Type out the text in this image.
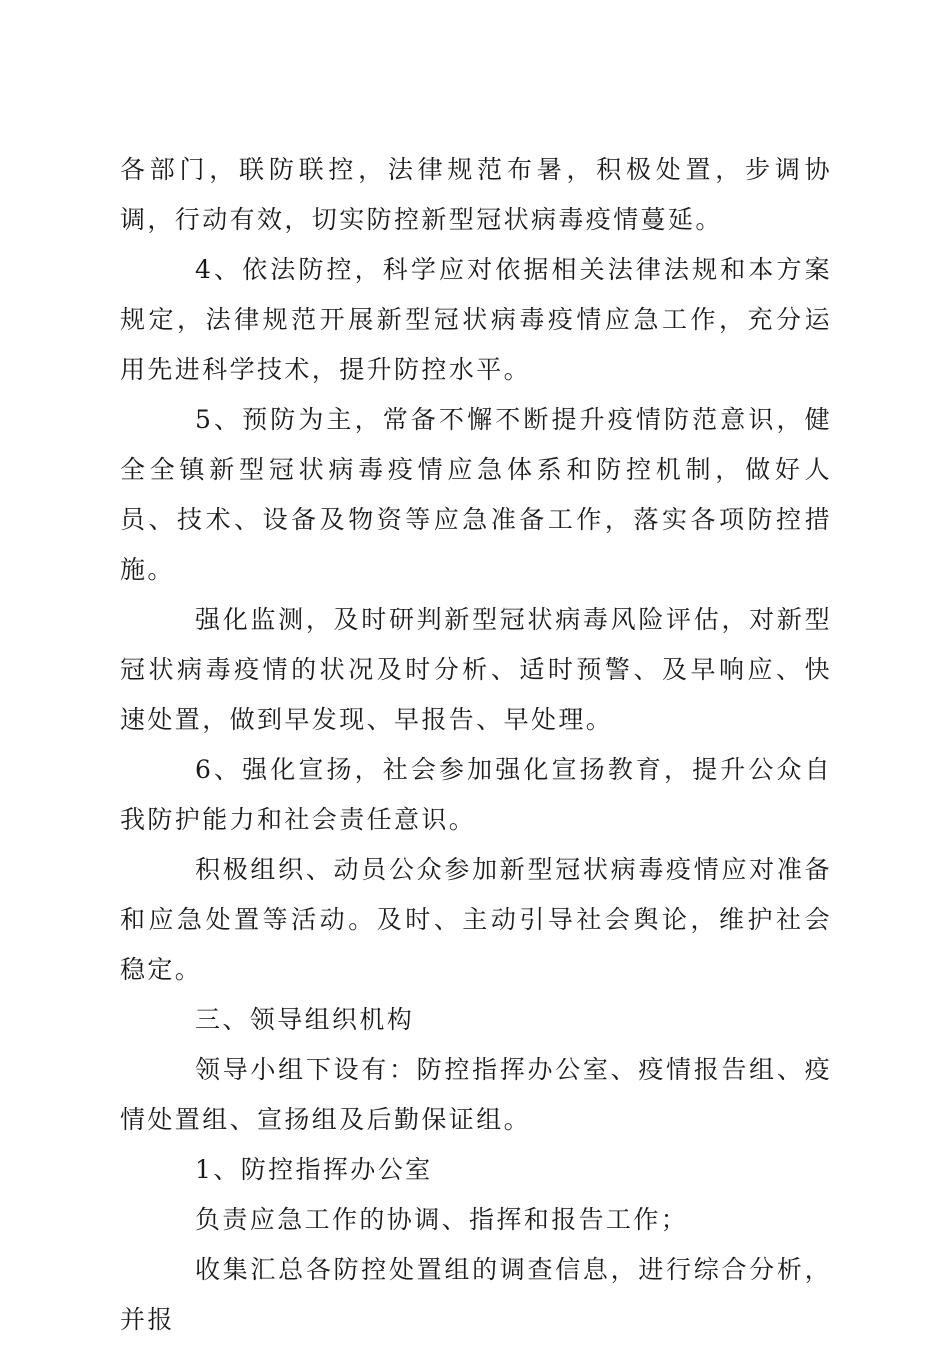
各部门，联防联控，法律规范布暑，积极处置，步调协调，行动有效，切实防控新型冠状病毒疫情蔓延。

4、依法防控，科学应对依据相关法律法规和本方案规定，法律规范开展新型冠状病毒疫情应急工作，充分运用先进科学技术，提升防控水平。

5、预防为主，常备不懈不断提升疫情防范意识，健全全镇新型冠状病毒疫情应急体系和防控机制，做好人员、技术、设备及物资等应急准备工作，落实各项防控措施。

强化监测，及时研判新型冠状病毒风险评估，对新型冠状病毒疫情的状况及时分析、适时预警、及早响应、快速处置，做到早发现、早报告、早处理。

6、强化宣扬，社会参加强化宣扬教育，提升公众自我防护能力和社会责任意识。

积极组织、动员公众参加新型冠状病毒疫情应对准备和应急处置等活动。及时、主动引导社会舆论，维护社会稳定。

三、领导组织机构

领导小组下设有：防控指挥办公室、疫情报告组、疫情处置组、宣扬组及后勤保证组。

1、防控指挥办公室

负责应急工作的协调、指挥和报告工作；

收集汇总各防控处置组的调查信息，进行综合分析，并报
